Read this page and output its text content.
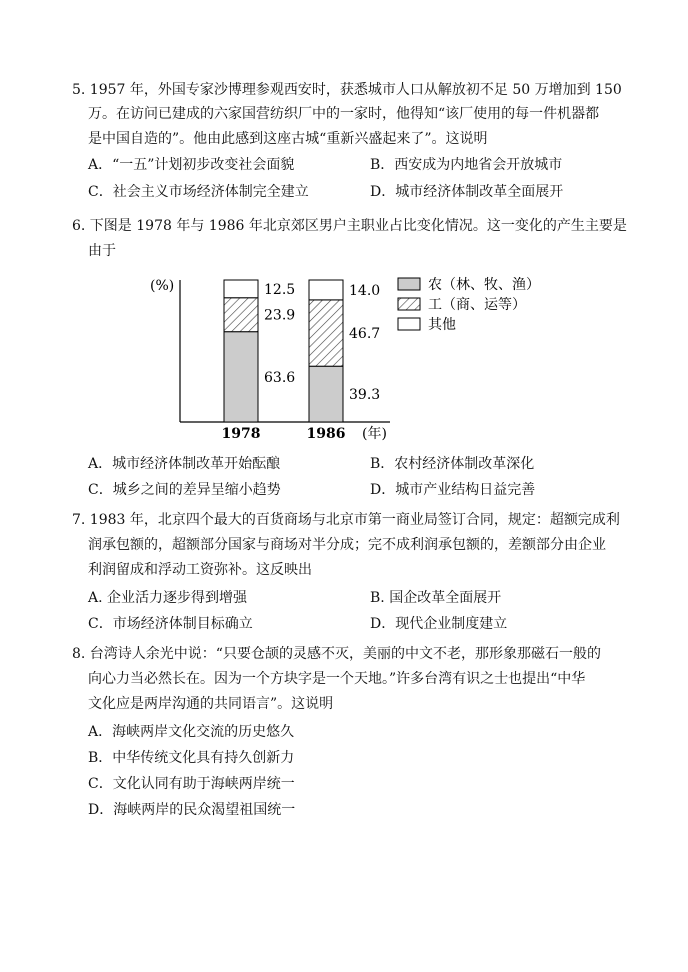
5. 1957 年，外国专家沙博理参观西安时，获悉城市人口从解放初不足 50 万增加到 150
万。在访问已建成的六家国营纺织厂中的一家时，他得知“该厂使用的每一件机器都
是中国自造的”。他由此感到这座古城“重新兴盛起来了”。这说明
A．“一五”计划初步改变社会面貌	B．西安成为内地省会开放城市
C．社会主义市场经济体制完全建立	D．城市经济体制改革全面展开
6. 下图是 1978 年与 1986 年北京郊区男户主职业占比变化情况。这一变化的产生主要是
由于
(%)
(年)
63.6
23.9
12.5
1978
39.3
46.7
14.0
1986
农（林、牧、渔）
工（商、运等）
其他
A．城市经济体制改革开始酝酿	B．农村经济体制改革深化
C．城乡之间的差异呈缩小趋势	D．城市产业结构日益完善
7. 1983 年，北京四个最大的百货商场与北京市第一商业局签订合同，规定：超额完成利
润承包额的，超额部分国家与商场对半分成；完不成利润承包额的，差额部分由企业
利润留成和浮动工资弥补。这反映出
A. 企业活力逐步得到增强	B. 国企改革全面展开
C．市场经济体制目标确立	D．现代企业制度建立
8. 台湾诗人余光中说：“只要仓颉的灵感不灭，美丽的中文不老，那形象那磁石一般的
向心力当必然长在。因为一个方块字是一个天地。”许多台湾有识之士也提出“中华
文化应是两岸沟通的共同语言”。这说明
A．海峡两岸文化交流的历史悠久
B．中华传统文化具有持久创新力
C．文化认同有助于海峡两岸统一
D．海峡两岸的民众渴望祖国统一
